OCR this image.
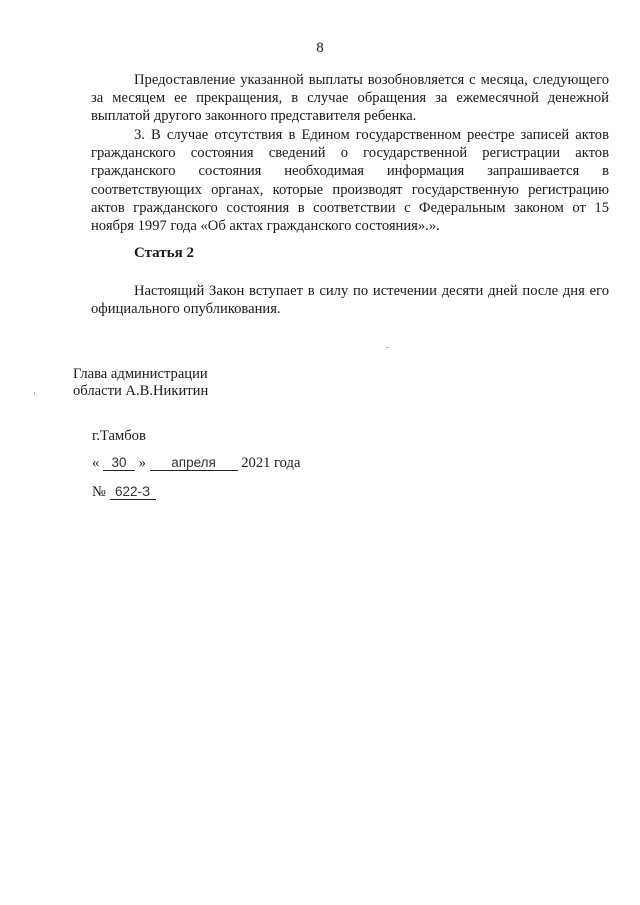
8

Предоставление указанной выплаты возобновляется с месяца, следующего за месяцем ее прекращения, в случае обращения за ежемесячной денежной выплатой другого законного представителя ребенка.

3. В случае отсутствия в Едином государственном реестре записей актов гражданского состояния сведений о государственной регистрации актов гражданского состояния необходимая информация запрашивается в соответствующих органах, которые производят государственную регистрацию актов гражданского состояния в соответствии с Федеральным законом от 15 ноября 1997 года «Об актах гражданского состояния».».

Статья 2

Настоящий Закон вступает в силу по истечении десяти дней после дня его официального опубликования.

Глава администрации
области А.В.Никитин
г.Тамбов
« 30 » апреля 2021 года
№ 622-З
